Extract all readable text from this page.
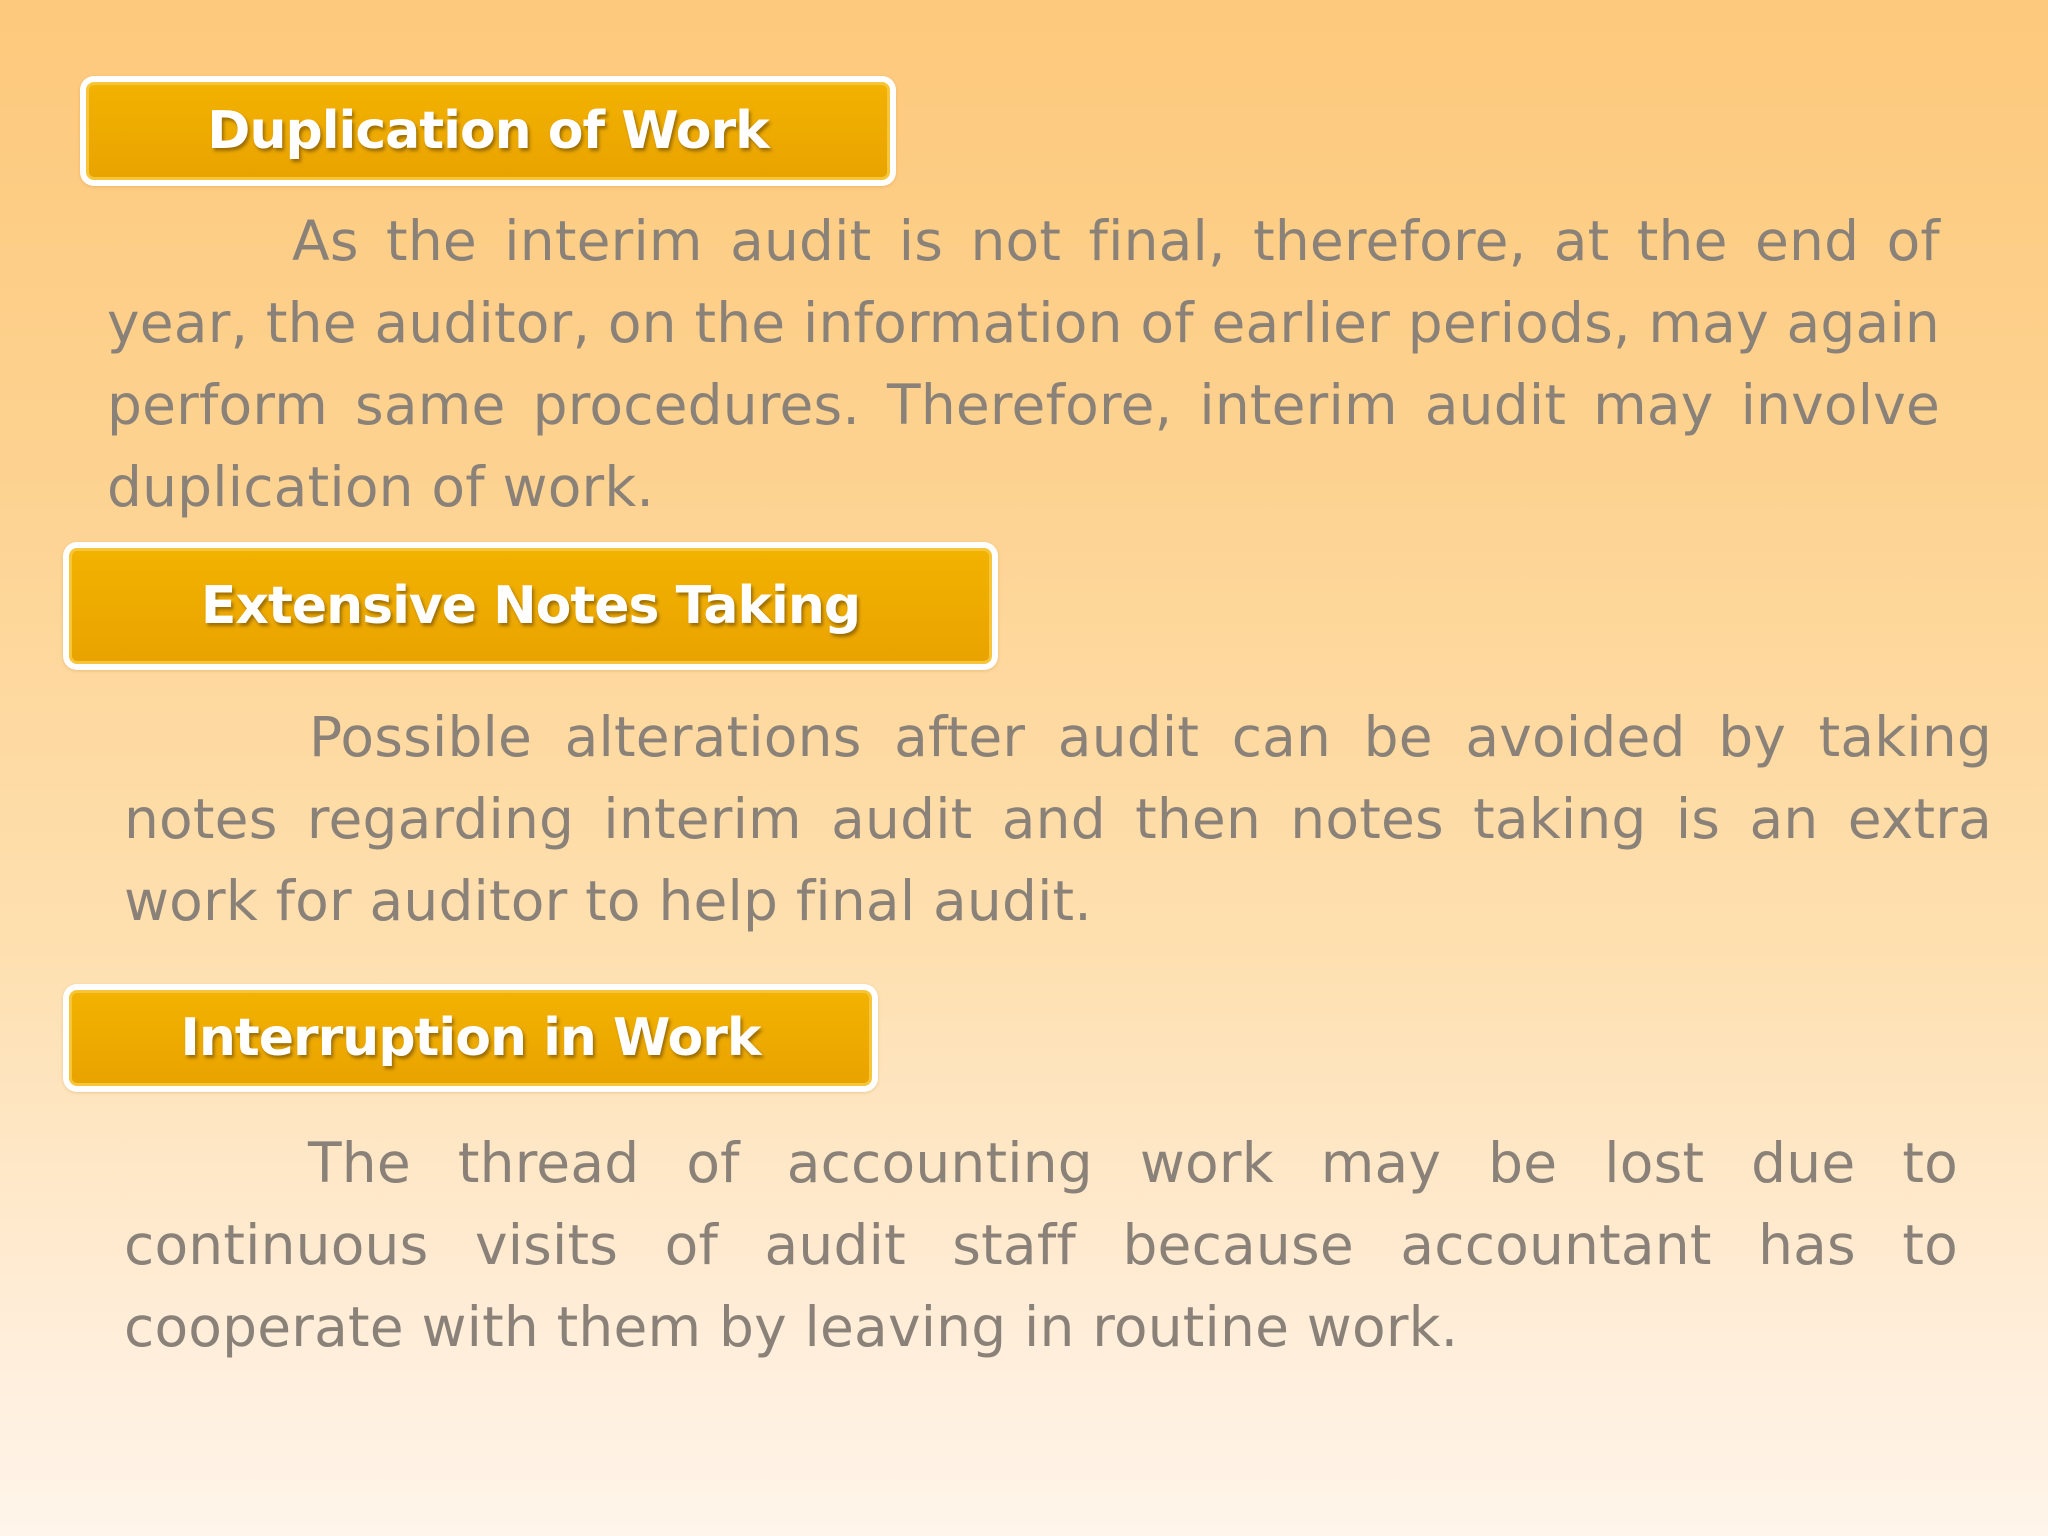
Duplication of Work

As the interim audit is not final, therefore, at the end of year, the auditor, on the information of earlier periods, may again perform same procedures. Therefore, interim audit may involve duplication of work.

Extensive Notes Taking

Possible alterations after audit can be avoided by taking notes regarding interim audit and then notes taking is an extra work for auditor to help final audit.

Interruption in Work

The thread of accounting work may be lost due to continuous visits of audit staff because accountant has to cooperate with them by leaving in routine work.
